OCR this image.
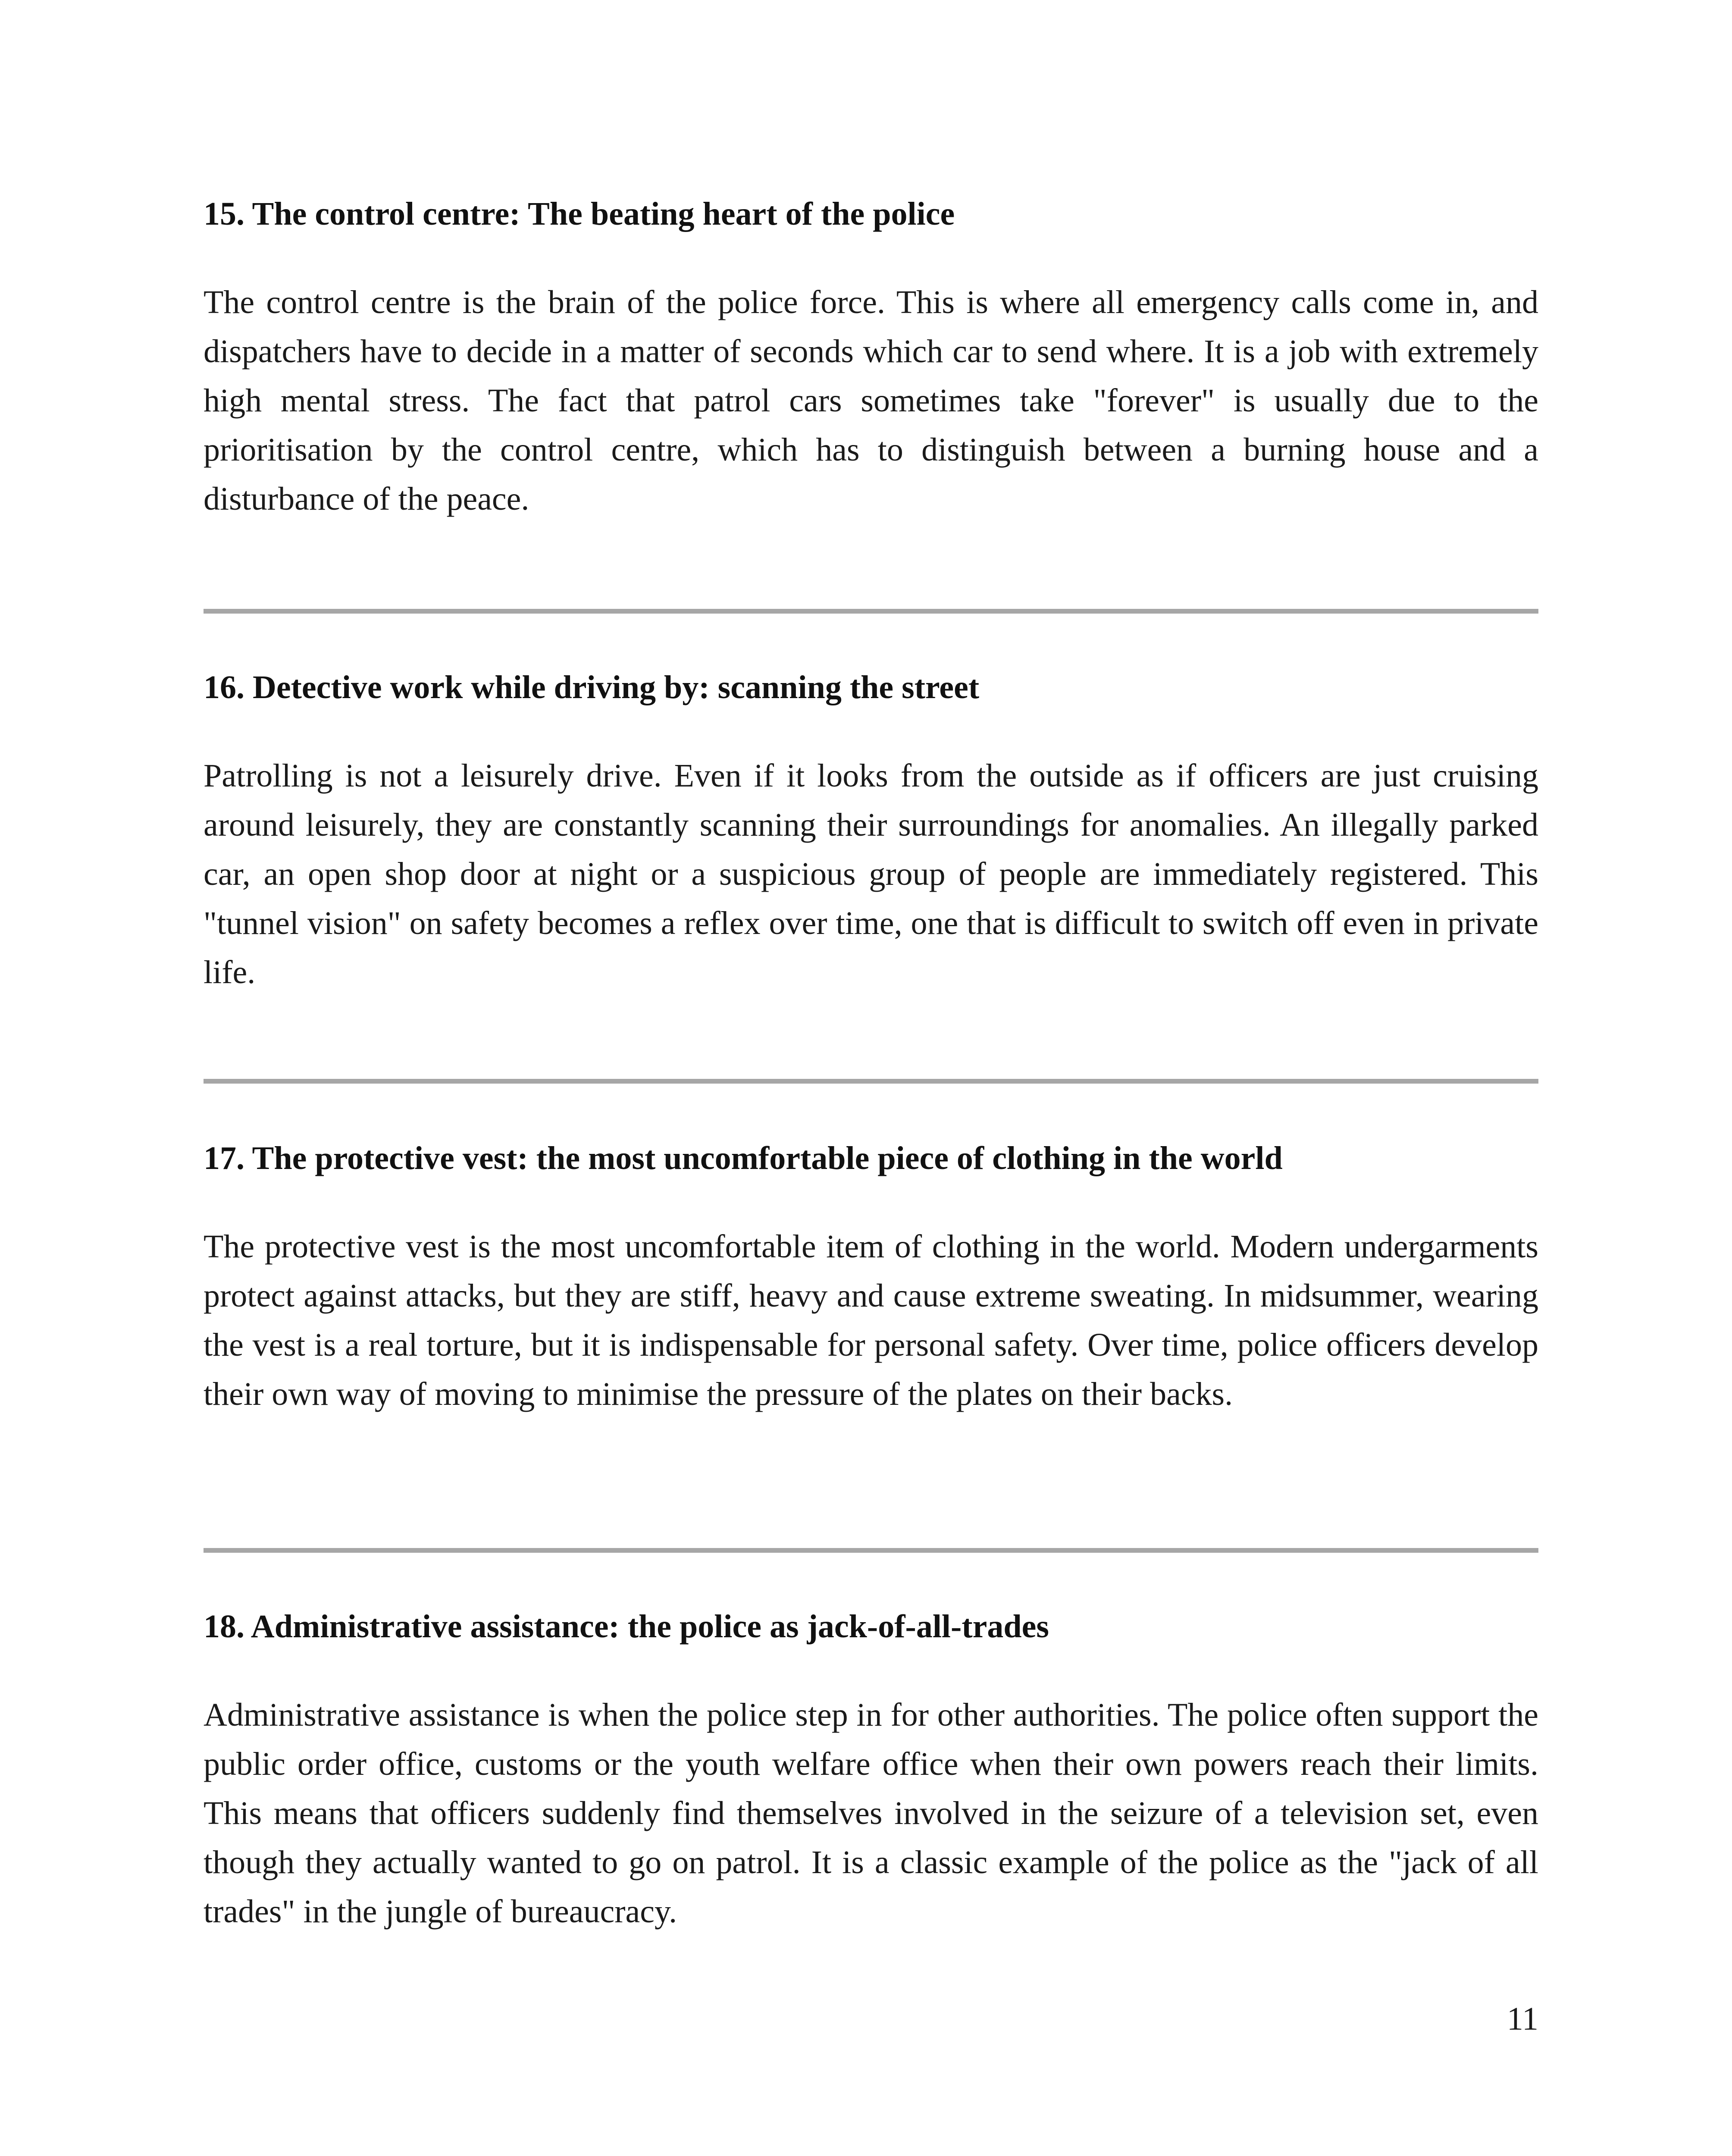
15. The control centre: The beating heart of the police

The control centre is the brain of the police force. This is where all emergency calls come in, and dispatchers have to decide in a matter of seconds which car to send where. It is a job with extremely high mental stress. The fact that patrol cars sometimes take "forever" is usually due to the prioritisation by the control centre, which has to distinguish between a burning house and a disturbance of the peace.

16. Detective work while driving by: scanning the street

Patrolling is not a leisurely drive. Even if it looks from the outside as if officers are just cruising around leisurely, they are constantly scanning their surroundings for anomalies. An illegally parked car, an open shop door at night or a suspicious group of people are immediately registered. This "tunnel vision" on safety becomes a reflex over time, one that is difficult to switch off even in private life.

17. The protective vest: the most uncomfortable piece of clothing in the world

The protective vest is the most uncomfortable item of clothing in the world. Modern undergarments protect against attacks, but they are stiff, heavy and cause extreme sweating. In midsummer, wearing the vest is a real torture, but it is indispensable for personal safety. Over time, police officers develop their own way of moving to minimise the pressure of the plates on their backs.

18. Administrative assistance: the police as jack-of-all-trades

Administrative assistance is when the police step in for other authorities. The police often support the public order office, customs or the youth welfare office when their own powers reach their limits. This means that officers suddenly find themselves involved in the seizure of a television set, even though they actually wanted to go on patrol. It is a classic example of the police as the "jack of all trades" in the jungle of bureaucracy.

11
